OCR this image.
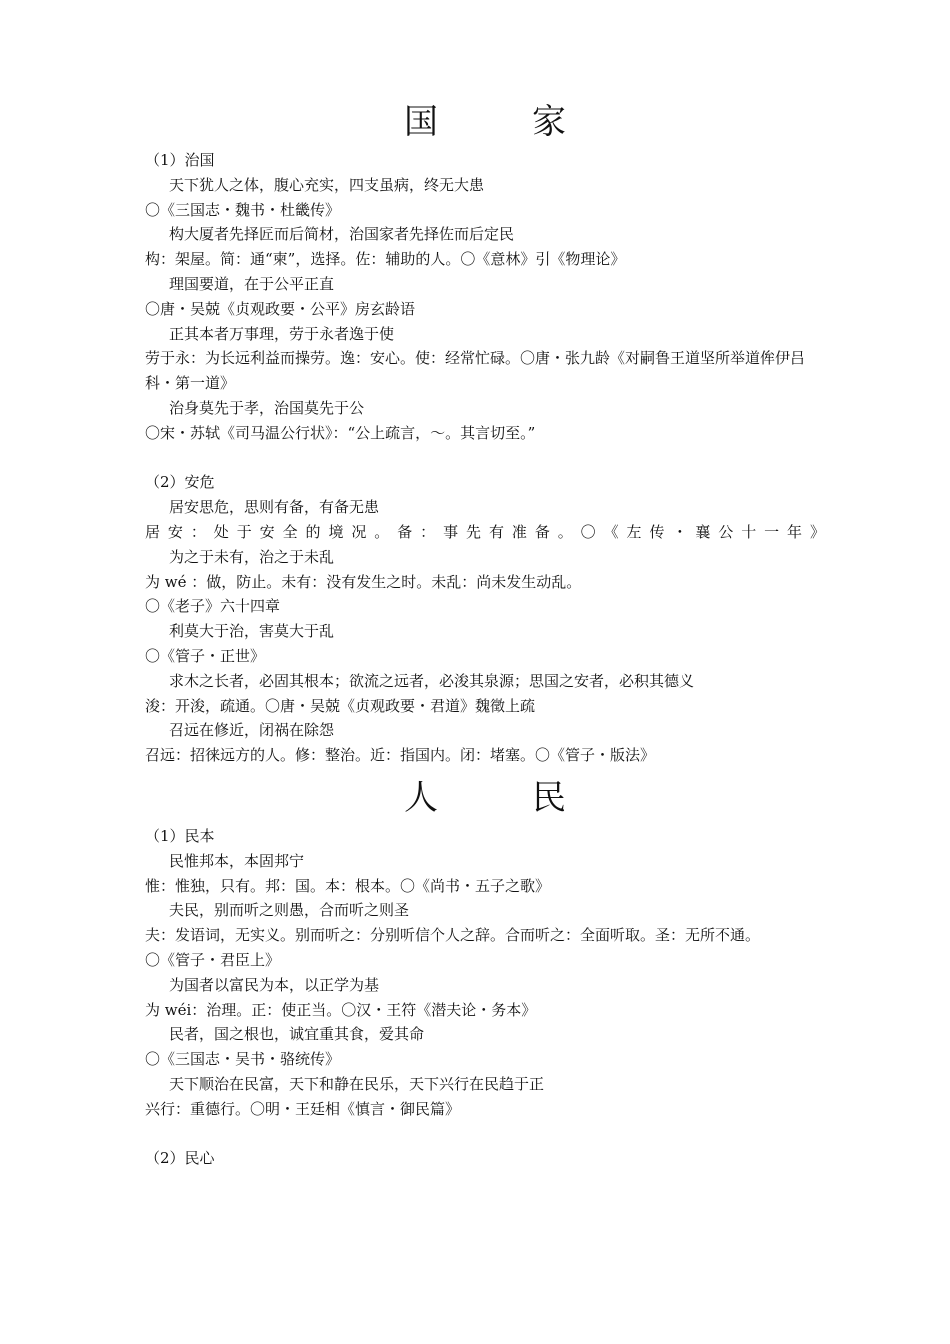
国　家

（1）治国

天下犹人之体，腹心充实，四支虽病，终无大患

〇《三国志・魏书・杜畿传》

构大厦者先择匠而后简材，治国家者先择佐而后定民

构：架屋。简：通“柬”，选择。佐：辅助的人。〇《意林》引《物理论》

理国要道，在于公平正直

〇唐・吴兢《贞观政要・公平》房玄龄语

正其本者万事理，劳于永者逸于使

劳于永：为长远利益而操劳。逸：安心。使：经常忙碌。〇唐・张九龄《对嗣鲁王道坚所举道侔伊吕科・第一道》

治身莫先于孝，治国莫先于公

〇宋・苏轼《司马温公行状》：“公上疏言，～。其言切至。”

（2）安危

居安思危，思则有备，有备无患

居安：处于安全的境况。备：事先有准备。〇《左传・襄公十一年》

为之于未有，治之于未乱

为 wé ：做，防止。未有：没有发生之时。未乱：尚未发生动乱。

〇《老子》六十四章

利莫大于治，害莫大于乱

〇《管子・正世》

求木之长者，必固其根本；欲流之远者，必浚其泉源；思国之安者，必积其德义

浚：开浚，疏通。〇唐・吴兢《贞观政要・君道》魏徵上疏

召远在修近，闭祸在除怨

召远：招徕远方的人。修：整治。近：指国内。闭：堵塞。〇《管子・版法》

人　民

（1）民本

民惟邦本，本固邦宁

惟：惟独，只有。邦：国。本：根本。〇《尚书・五子之歌》

夫民，别而听之则愚，合而听之则圣

夫：发语词，无实义。别而听之：分别听信个人之辞。合而听之：全面听取。圣：无所不通。

〇《管子・君臣上》

为国者以富民为本，以正学为基

为 wéi：治理。正：使正当。〇汉・王符《潜夫论・务本》

民者，国之根也，诚宜重其食，爱其命

〇《三国志・吴书・骆统传》

天下顺治在民富，天下和静在民乐，天下兴行在民趋于正

兴行：重德行。〇明・王廷相《慎言・御民篇》

（2）民心
